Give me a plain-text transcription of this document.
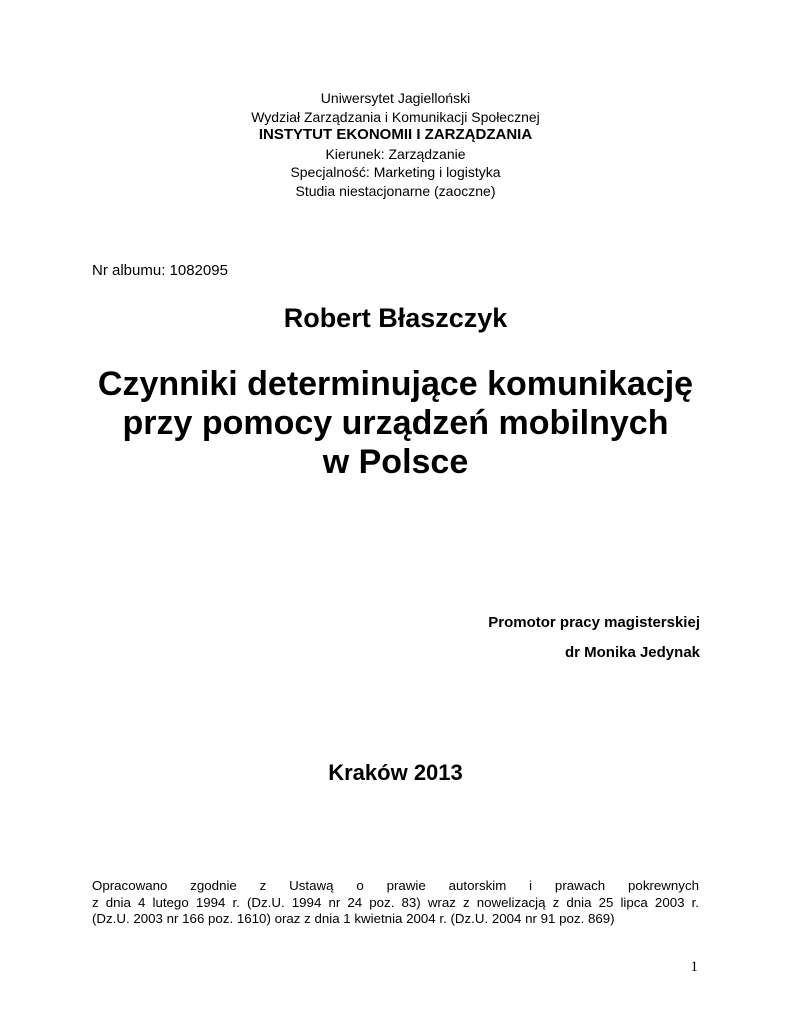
Uniwersytet Jagielloński
Wydział Zarządzania i Komunikacji Społecznej
INSTYTUT EKONOMII I ZARZĄDZANIA
Kierunek: Zarządzanie
Specjalność: Marketing i logistyka
Studia niestacjonarne (zaoczne)
Nr albumu: 1082095
Robert Błaszczyk
Czynniki determinujące komunikację
przy pomocy urządzeń mobilnych
w Polsce
Promotor pracy magisterskiej
dr Monika Jedynak
Kraków 2013
Opracowano zgodnie z Ustawą o prawie autorskim i prawach pokrewnych
z dnia 4 lutego 1994 r. (Dz.U. 1994 nr 24 poz. 83) wraz z nowelizacją z dnia 25 lipca 2003 r.
(Dz.U. 2003 nr 166 poz. 1610) oraz z dnia 1 kwietnia 2004 r. (Dz.U. 2004 nr 91 poz. 869)
1
